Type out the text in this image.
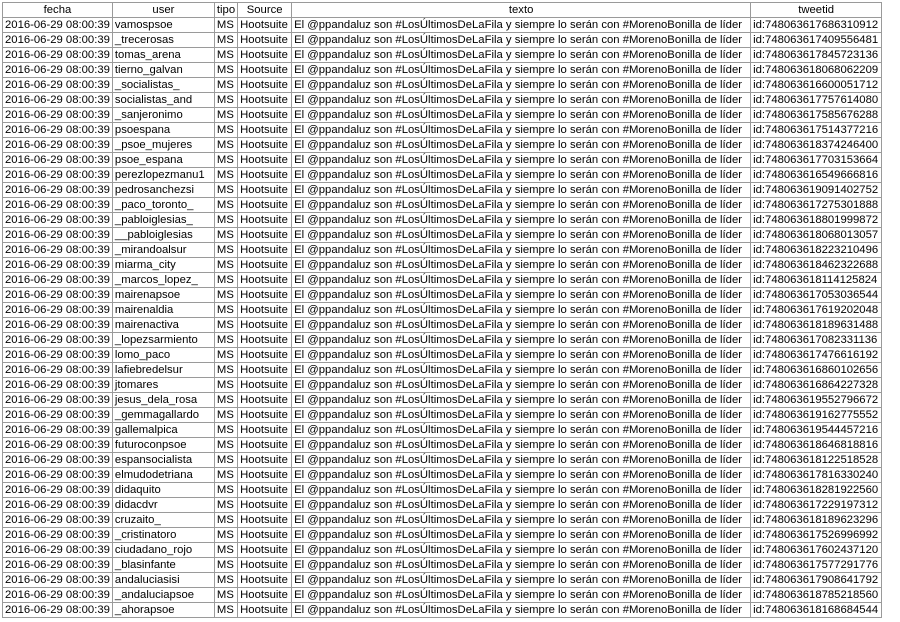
fecha	user	tipo	Source	texto	tweetid
2016-06-29 08:00:39	vamospsoe	MS	Hootsuite	El @ppandaluz son #LosÚltimosDeLaFila y siempre lo serán con #MorenoBonilla de líder	id:748063617686310912
2016-06-29 08:00:39	_trecerosas	MS	Hootsuite	El @ppandaluz son #LosÚltimosDeLaFila y siempre lo serán con #MorenoBonilla de líder	id:748063617409556481
2016-06-29 08:00:39	tomas_arena	MS	Hootsuite	El @ppandaluz son #LosÚltimosDeLaFila y siempre lo serán con #MorenoBonilla de líder	id:748063617845723136
2016-06-29 08:00:39	tierno_galvan	MS	Hootsuite	El @ppandaluz son #LosÚltimosDeLaFila y siempre lo serán con #MorenoBonilla de líder	id:748063618068062209
2016-06-29 08:00:39	_socialistas_	MS	Hootsuite	El @ppandaluz son #LosÚltimosDeLaFila y siempre lo serán con #MorenoBonilla de líder	id:748063616600051712
2016-06-29 08:00:39	socialistas_and	MS	Hootsuite	El @ppandaluz son #LosÚltimosDeLaFila y siempre lo serán con #MorenoBonilla de líder	id:748063617757614080
2016-06-29 08:00:39	_sanjeronimo	MS	Hootsuite	El @ppandaluz son #LosÚltimosDeLaFila y siempre lo serán con #MorenoBonilla de líder	id:748063617585676288
2016-06-29 08:00:39	psoespana	MS	Hootsuite	El @ppandaluz son #LosÚltimosDeLaFila y siempre lo serán con #MorenoBonilla de líder	id:748063617514377216
2016-06-29 08:00:39	_psoe_mujeres	MS	Hootsuite	El @ppandaluz son #LosÚltimosDeLaFila y siempre lo serán con #MorenoBonilla de líder	id:748063618374246400
2016-06-29 08:00:39	psoe_espana	MS	Hootsuite	El @ppandaluz son #LosÚltimosDeLaFila y siempre lo serán con #MorenoBonilla de líder	id:748063617703153664
2016-06-29 08:00:39	perezlopezmanu1	MS	Hootsuite	El @ppandaluz son #LosÚltimosDeLaFila y siempre lo serán con #MorenoBonilla de líder	id:748063616549666816
2016-06-29 08:00:39	pedrosanchezsi	MS	Hootsuite	El @ppandaluz son #LosÚltimosDeLaFila y siempre lo serán con #MorenoBonilla de líder	id:748063619091402752
2016-06-29 08:00:39	_paco_toronto_	MS	Hootsuite	El @ppandaluz son #LosÚltimosDeLaFila y siempre lo serán con #MorenoBonilla de líder	id:748063617275301888
2016-06-29 08:00:39	_pabloiglesias_	MS	Hootsuite	El @ppandaluz son #LosÚltimosDeLaFila y siempre lo serán con #MorenoBonilla de líder	id:748063618801999872
2016-06-29 08:00:39	__pabloiglesias	MS	Hootsuite	El @ppandaluz son #LosÚltimosDeLaFila y siempre lo serán con #MorenoBonilla de líder	id:748063618068013057
2016-06-29 08:00:39	_mirandoalsur	MS	Hootsuite	El @ppandaluz son #LosÚltimosDeLaFila y siempre lo serán con #MorenoBonilla de líder	id:748063618223210496
2016-06-29 08:00:39	miarma_city	MS	Hootsuite	El @ppandaluz son #LosÚltimosDeLaFila y siempre lo serán con #MorenoBonilla de líder	id:748063618462322688
2016-06-29 08:00:39	_marcos_lopez_	MS	Hootsuite	El @ppandaluz son #LosÚltimosDeLaFila y siempre lo serán con #MorenoBonilla de líder	id:748063618114125824
2016-06-29 08:00:39	mairenapsoe	MS	Hootsuite	El @ppandaluz son #LosÚltimosDeLaFila y siempre lo serán con #MorenoBonilla de líder	id:748063617053036544
2016-06-29 08:00:39	mairenaldia	MS	Hootsuite	El @ppandaluz son #LosÚltimosDeLaFila y siempre lo serán con #MorenoBonilla de líder	id:748063617619202048
2016-06-29 08:00:39	mairenactiva	MS	Hootsuite	El @ppandaluz son #LosÚltimosDeLaFila y siempre lo serán con #MorenoBonilla de líder	id:748063618189631488
2016-06-29 08:00:39	_lopezsarmiento	MS	Hootsuite	El @ppandaluz son #LosÚltimosDeLaFila y siempre lo serán con #MorenoBonilla de líder	id:748063617082331136
2016-06-29 08:00:39	lomo_paco	MS	Hootsuite	El @ppandaluz son #LosÚltimosDeLaFila y siempre lo serán con #MorenoBonilla de líder	id:748063617476616192
2016-06-29 08:00:39	lafiebredelsur	MS	Hootsuite	El @ppandaluz son #LosÚltimosDeLaFila y siempre lo serán con #MorenoBonilla de líder	id:748063616860102656
2016-06-29 08:00:39	jtomares	MS	Hootsuite	El @ppandaluz son #LosÚltimosDeLaFila y siempre lo serán con #MorenoBonilla de líder	id:748063616864227328
2016-06-29 08:00:39	jesus_dela_rosa	MS	Hootsuite	El @ppandaluz son #LosÚltimosDeLaFila y siempre lo serán con #MorenoBonilla de líder	id:748063619552796672
2016-06-29 08:00:39	_gemmagallardo	MS	Hootsuite	El @ppandaluz son #LosÚltimosDeLaFila y siempre lo serán con #MorenoBonilla de líder	id:748063619162775552
2016-06-29 08:00:39	gallemalpica	MS	Hootsuite	El @ppandaluz son #LosÚltimosDeLaFila y siempre lo serán con #MorenoBonilla de líder	id:748063619544457216
2016-06-29 08:00:39	futuroconpsoe	MS	Hootsuite	El @ppandaluz son #LosÚltimosDeLaFila y siempre lo serán con #MorenoBonilla de líder	id:748063618646818816
2016-06-29 08:00:39	espansocialista	MS	Hootsuite	El @ppandaluz son #LosÚltimosDeLaFila y siempre lo serán con #MorenoBonilla de líder	id:748063618122518528
2016-06-29 08:00:39	elmudodetriana	MS	Hootsuite	El @ppandaluz son #LosÚltimosDeLaFila y siempre lo serán con #MorenoBonilla de líder	id:748063617816330240
2016-06-29 08:00:39	didaquito	MS	Hootsuite	El @ppandaluz son #LosÚltimosDeLaFila y siempre lo serán con #MorenoBonilla de líder	id:748063618281922560
2016-06-29 08:00:39	didacdvr	MS	Hootsuite	El @ppandaluz son #LosÚltimosDeLaFila y siempre lo serán con #MorenoBonilla de líder	id:748063617229197312
2016-06-29 08:00:39	cruzaito_	MS	Hootsuite	El @ppandaluz son #LosÚltimosDeLaFila y siempre lo serán con #MorenoBonilla de líder	id:748063618189623296
2016-06-29 08:00:39	_cristinatoro	MS	Hootsuite	El @ppandaluz son #LosÚltimosDeLaFila y siempre lo serán con #MorenoBonilla de líder	id:748063617526996992
2016-06-29 08:00:39	ciudadano_rojo	MS	Hootsuite	El @ppandaluz son #LosÚltimosDeLaFila y siempre lo serán con #MorenoBonilla de líder	id:748063617602437120
2016-06-29 08:00:39	_blasinfante	MS	Hootsuite	El @ppandaluz son #LosÚltimosDeLaFila y siempre lo serán con #MorenoBonilla de líder	id:748063617577291776
2016-06-29 08:00:39	andaluciasisi	MS	Hootsuite	El @ppandaluz son #LosÚltimosDeLaFila y siempre lo serán con #MorenoBonilla de líder	id:748063617908641792
2016-06-29 08:00:39	_andaluciapsoe	MS	Hootsuite	El @ppandaluz son #LosÚltimosDeLaFila y siempre lo serán con #MorenoBonilla de líder	id:748063618785218560
2016-06-29 08:00:39	_ahorapsoe	MS	Hootsuite	El @ppandaluz son #LosÚltimosDeLaFila y siempre lo serán con #MorenoBonilla de líder	id:748063618168684544
